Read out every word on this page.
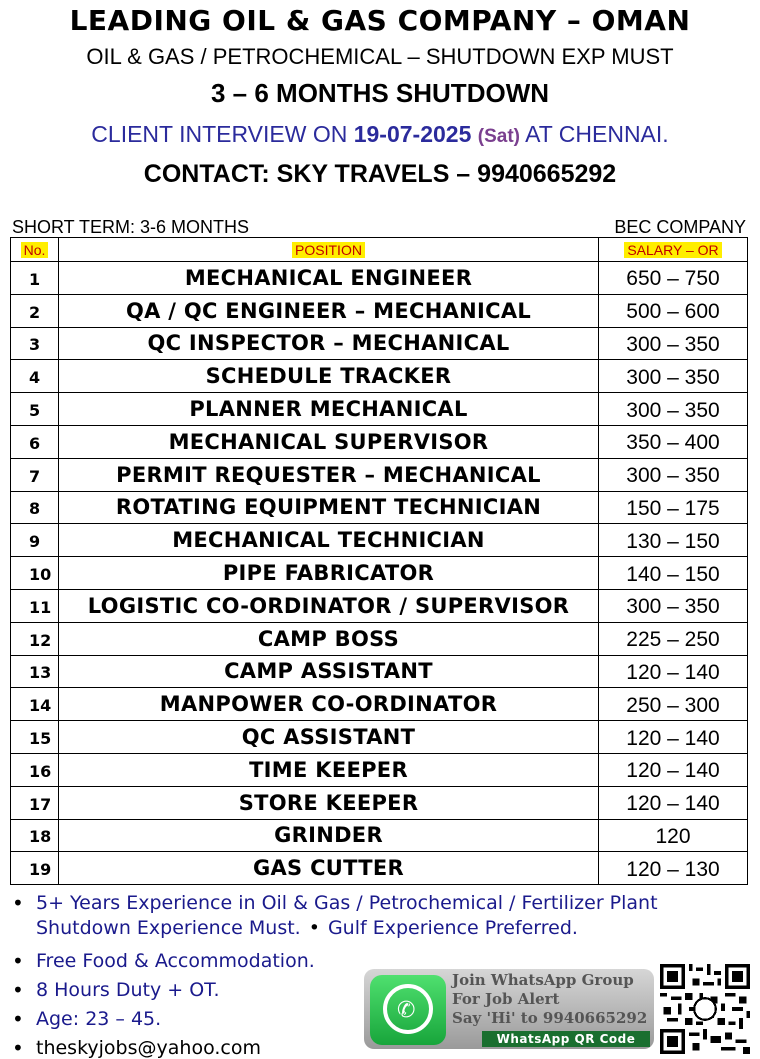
LEADING OIL & GAS COMPANY – OMAN
OIL & GAS / PETROCHEMICAL – SHUTDOWN EXP MUST
3 – 6 MONTHS SHUTDOWN
CLIENT INTERVIEW ON 19-07-2025 (Sat) AT CHENNAI.
CONTACT: SKY TRAVELS – 9940665292
SHORT TERM: 3-6 MONTHS	BEC COMPANY
No.	POSITION	SALARY – OR
1	MECHANICAL ENGINEER	650 – 750
2	QA / QC ENGINEER – MECHANICAL	500 – 600
3	QC INSPECTOR – MECHANICAL	300 – 350
4	SCHEDULE TRACKER	300 – 350
5	PLANNER MECHANICAL	300 – 350
6	MECHANICAL SUPERVISOR	350 – 400
7	PERMIT REQUESTER – MECHANICAL	300 – 350
8	ROTATING EQUIPMENT TECHNICIAN	150 – 175
9	MECHANICAL TECHNICIAN	130 – 150
10	PIPE FABRICATOR	140 – 150
11	LOGISTIC CO-ORDINATOR / SUPERVISOR	300 – 350
12	CAMP BOSS	225 – 250
13	CAMP ASSISTANT	120 – 140
14	MANPOWER CO-ORDINATOR	250 – 300
15	QC ASSISTANT	120 – 140
16	TIME KEEPER	120 – 140
17	STORE KEEPER	120 – 140
18	GRINDER	120
19	GAS CUTTER	120 – 130
• 5+ Years Experience in Oil & Gas / Petrochemical / Fertilizer Plant
• Free Food & Accommodation.
• 8 Hours Duty + OT.
• Age: 23 – 45.
• theskyjobs@yahoo.com
Shutdown Experience Must. • Gulf Experience Preferred.
✆
Join WhatsApp Group
For Job Alert
Say 'Hi' to 9940665292
WhatsApp QR Code
